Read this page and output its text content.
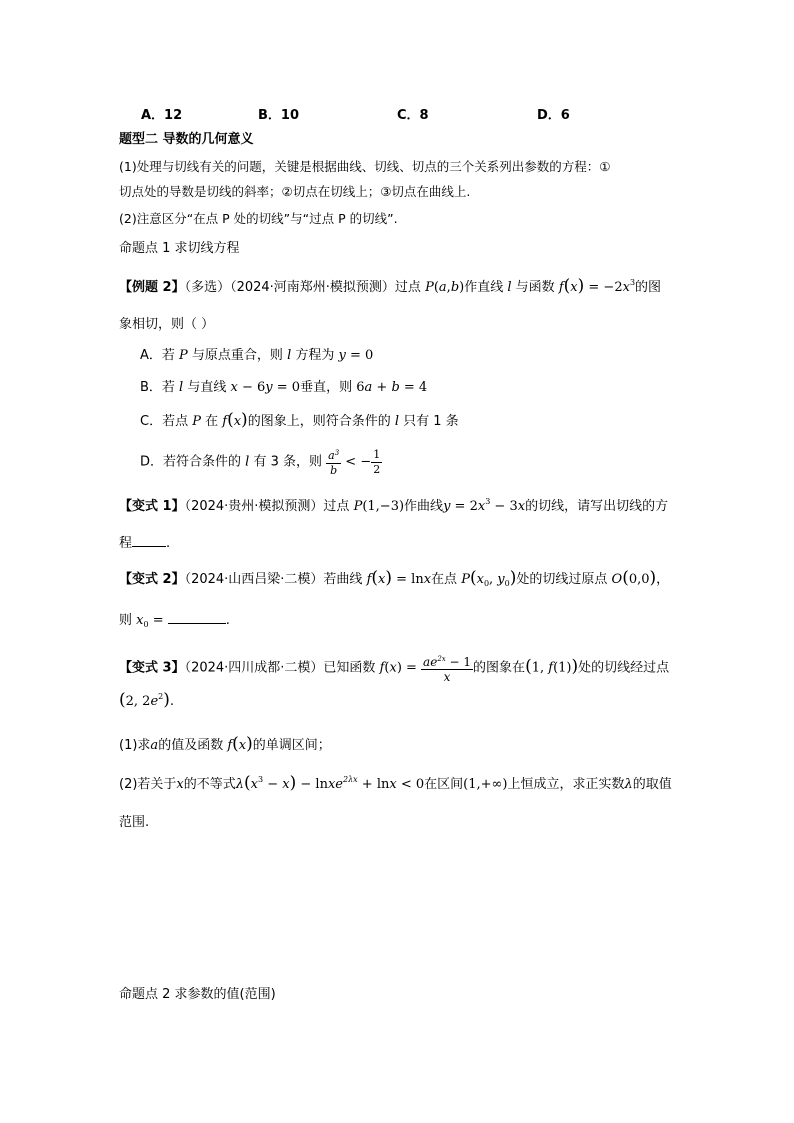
A．12	B．10	C．8	D．6
题型二 导数的几何意义
(1)处理与切线有关的问题，关键是根据曲线、切线、切点的三个关系列出参数的方程：①
切点处的导数是切线的斜率；②切点在切线上；③切点在曲线上.
(2)注意区分“在点 P 处的切线”与“过点 P 的切线”.
命题点 1 求切线方程
【例题 2】（多选）（2024·河南郑州·模拟预测）过点 P(a,b)作直线 l 与函数 $f(x) = -2x^3$的图
象相切，则（ ）
A．若 P 与原点重合，则 l 方程为 y = 0
B．若 l 与直线 x − 6y = 0垂直，则 6a + b = 4
C．若点 P 在 f(x)的图象上，则符合条件的 l 只有 1 条
D．若符合条件的 l 有 3 条，则 $\frac{a^3}{b}$ < − $\frac{1}{2}$
【变式 1】（2024·贵州·模拟预测）过点 P(1,−3)作曲线$y = 2x^3 - 3x$的切线，请写出切线的方
程	.
【变式 2】（2024·山西吕梁·二模）若曲线 f(x) = lnx在点 $P(x_0$, $y_0$)处的切线过原点 O(0,0)，
则 $x_0$ =	.
【变式 3】（2024·四川成都·二模）已知函数 $f(x) = \frac{ae^{2x} - 1}{x}$ 的图象在(1, f(1))处的切线经过点
(2, $2e^2$).
(1)求a的值及函数 f(x)的单调区间；
(2)若关于x的不等式$\lambda(x^3 - x)$ − lnxe$^{2\lambda x}$ + lnx < 0在区间(1,+∞)上恒成立，求正实数λ的取值
范围.
命题点 2 求参数的值(范围)
